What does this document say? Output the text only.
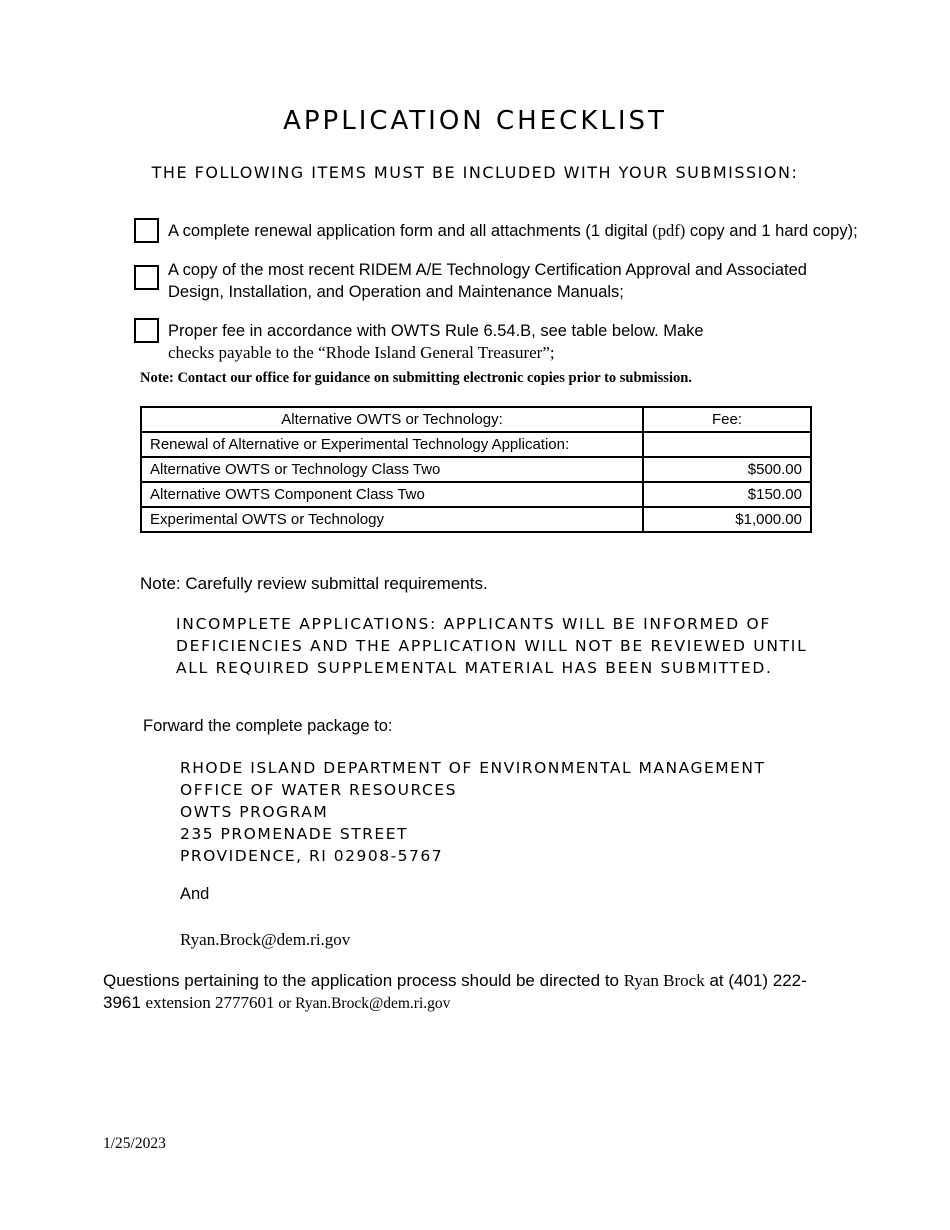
APPLICATION CHECKLIST
THE FOLLOWING ITEMS MUST BE INCLUDED WITH YOUR SUBMISSION:
A complete renewal application form and all attachments (1 digital (pdf) copy and 1 hard copy);
A copy of the most recent RIDEM A/E Technology Certification Approval and Associated
Design, Installation, and Operation and Maintenance Manuals;
Proper fee in accordance with OWTS Rule 6.54.B, see table below. Make
checks payable to the “Rhode Island General Treasurer”;
Note: Contact our office for guidance on submitting electronic copies prior to submission.
Alternative OWTS or Technology:	Fee:
Renewal of Alternative or Experimental Technology Application:	
Alternative OWTS or Technology Class Two	$500.00
Alternative OWTS Component Class Two	$150.00
Experimental OWTS or Technology	$1,000.00
Note: Carefully review submittal requirements.
INCOMPLETE APPLICATIONS: APPLICANTS WILL BE INFORMED OF DEFICIENCIES AND THE APPLICATION WILL NOT BE REVIEWED UNTIL ALL REQUIRED SUPPLEMENTAL MATERIAL HAS BEEN SUBMITTED.
Forward the complete package to:
RHODE ISLAND DEPARTMENT OF ENVIRONMENTAL MANAGEMENT
OFFICE OF WATER RESOURCES
OWTS PROGRAM
235 PROMENADE STREET
PROVIDENCE, RI 02908-5767
And
Ryan.Brock@dem.ri.gov
Questions pertaining to the application process should be directed to Ryan Brock at (401) 222-3961 extension 2777601 or Ryan.Brock@dem.ri.gov
1/25/2023
